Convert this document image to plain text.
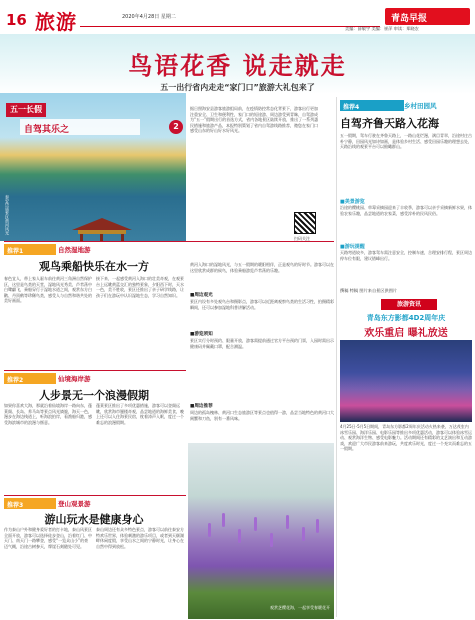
16 旅游	2020年4月28日 星期二	青岛早报
美编：薛敏宇 美编：崔萍 审读：郑晓农
鸟语花香 说走就走
五一出行省内走走“家门口”旅游大礼包来了
五一长假
自驾其乐之	2
泰安岱庙景区黄河风光
据日照海安县游客旅游组局前，在疫情防控常态化背景下，游客出行更加注重安全、卫生和便利性，家门口的短途游、周边游受到青睐，自驾游成为“五一”假期出行的首选方式，省内各地景区陆续开放，推出了一系列惠民措施和旅游产品，本报特别策划了省内自驾游线路推荐，邀您在家门口感受山东的好山好水好风光。
扫码关注
推荐1	自然湿地游
观鸟乘船快乐在水一方
春色宜人，带上家人驱车前往黄河三角洲自然保护区，这里是鸟类的天堂，湿地风光秀美，芦苇荡中白鹭翩飞，乘船穿行于湿地水道之间，观赏东方白鹳、丹顶鹤等珍稀鸟类，感受人与自然和谐共处的美好画面。
接下来，一起感受黄河入海口的壮美奇观，在观景台上远眺黄蓝交汇的独特景象，夕阳西下时，天水一色，美不胜收，景区还推出了亲子研学线路，让孩子们在游玩中认识湿地生态，学习自然知识。
推荐2	仙境海岸游
人步景无一个浪漫假期
如果你喜欢大海，那就沿着仙境海岸一路向东，蓬莱阁、长岛、养马岛等景点风光旖旎，海天一色，漫步在海边栈道上，听海浪拍岸，看渔船归港，感受海滨城市的浪漫与惬意。
蓬莱景区推出了多项优惠措施，游客可以登阁远眺，欣赏海市蜃楼奇观，品尝地道的海鲜美食，晚上还可以入住海景民宿，枕着涛声入眠，度过一个难忘的浪漫假期。
推荐3	登山观景游
游山玩水是健康身心
作为泰山户外和健身爱好者的打卡地，泰山风景区全面开放，游客可以选择徒步登山，沿着红门、中天门、南天门一路攀登，感受“一览众山小”的豪迈气概，沿途古树参天，摩崖石刻随处可见。
泰山周边还有众多特色景点，游客可以前往泰安方特欢乐世界，体验刺激的游乐项目，或者到天颐湖畔休闲度假，享受山水之间的宁静时光，让身心在自然中得到放松。
黄河入海口的湿地风光，与五一假期的暖阳相伴，正是观鸟的好时节。游客可以在这里欣赏成群的候鸟，体验乘船游览芦苇荡的乐趣。
■周边观光
景区内设有多处观鸟台和摄影点，游客可以近距离观察鸟类的生活习性，拍摄精彩瞬间，还可以参加湿地科普讲解活动。
■游览须知
景区实行分时预约、限量开放，游客需提前通过官方平台预约门票，入园时需出示健康码并佩戴口罩，配合测温。
■周边推荐
周边的孤岛槐林、黄河口生态旅游区等景点也值得一游，品尝当地特色的黄河口大闸蟹和刀鱼，别有一番风味。
观赏芝樱花海，一起享受春暖花开
推荐4	乡村田园风
自驾齐鲁天路入花海
五一假期，驾车行驶在齐鲁天路上，一路山花烂漫，满目青翠，沿途村庄古朴宁静，田园风光如诗如画，是体验乡村生活、感受田园乐趣的理想去处，天路沿线的观景平台可以俯瞰群山。
■美景游览
沿途的樱桃园、草莓采摘园迎来了丰收季，游客可以亲手采摘新鲜水果，体验农家乐趣，品尝地道的农家菜，感受淳朴的民风民俗。
■游玩提醒
天路弯道较多，游客驾车需注意安全，控制车速，合理安排行程，景区周边停车位有限，建议错峰出行。
撰稿 特稿 图片来自景区供图片
旅游资讯
青岛东方影都4D2周年庆
欢乐重启 曝礼放送
4月25日-5月5日期间，青岛东方影都2周年庆活动火热来袭，万达茂室内冰雪乐园、海洋乐园、电影乐园等推出多项优惠活动，游客可以体验冰雪运动、观赏海洋生物、感受电影魅力。活动期间还有精彩的文艺演出和互动游戏，欢迎广大市民游客前来游玩，共度欢乐时光，度过一个充实而难忘的五一假期。
